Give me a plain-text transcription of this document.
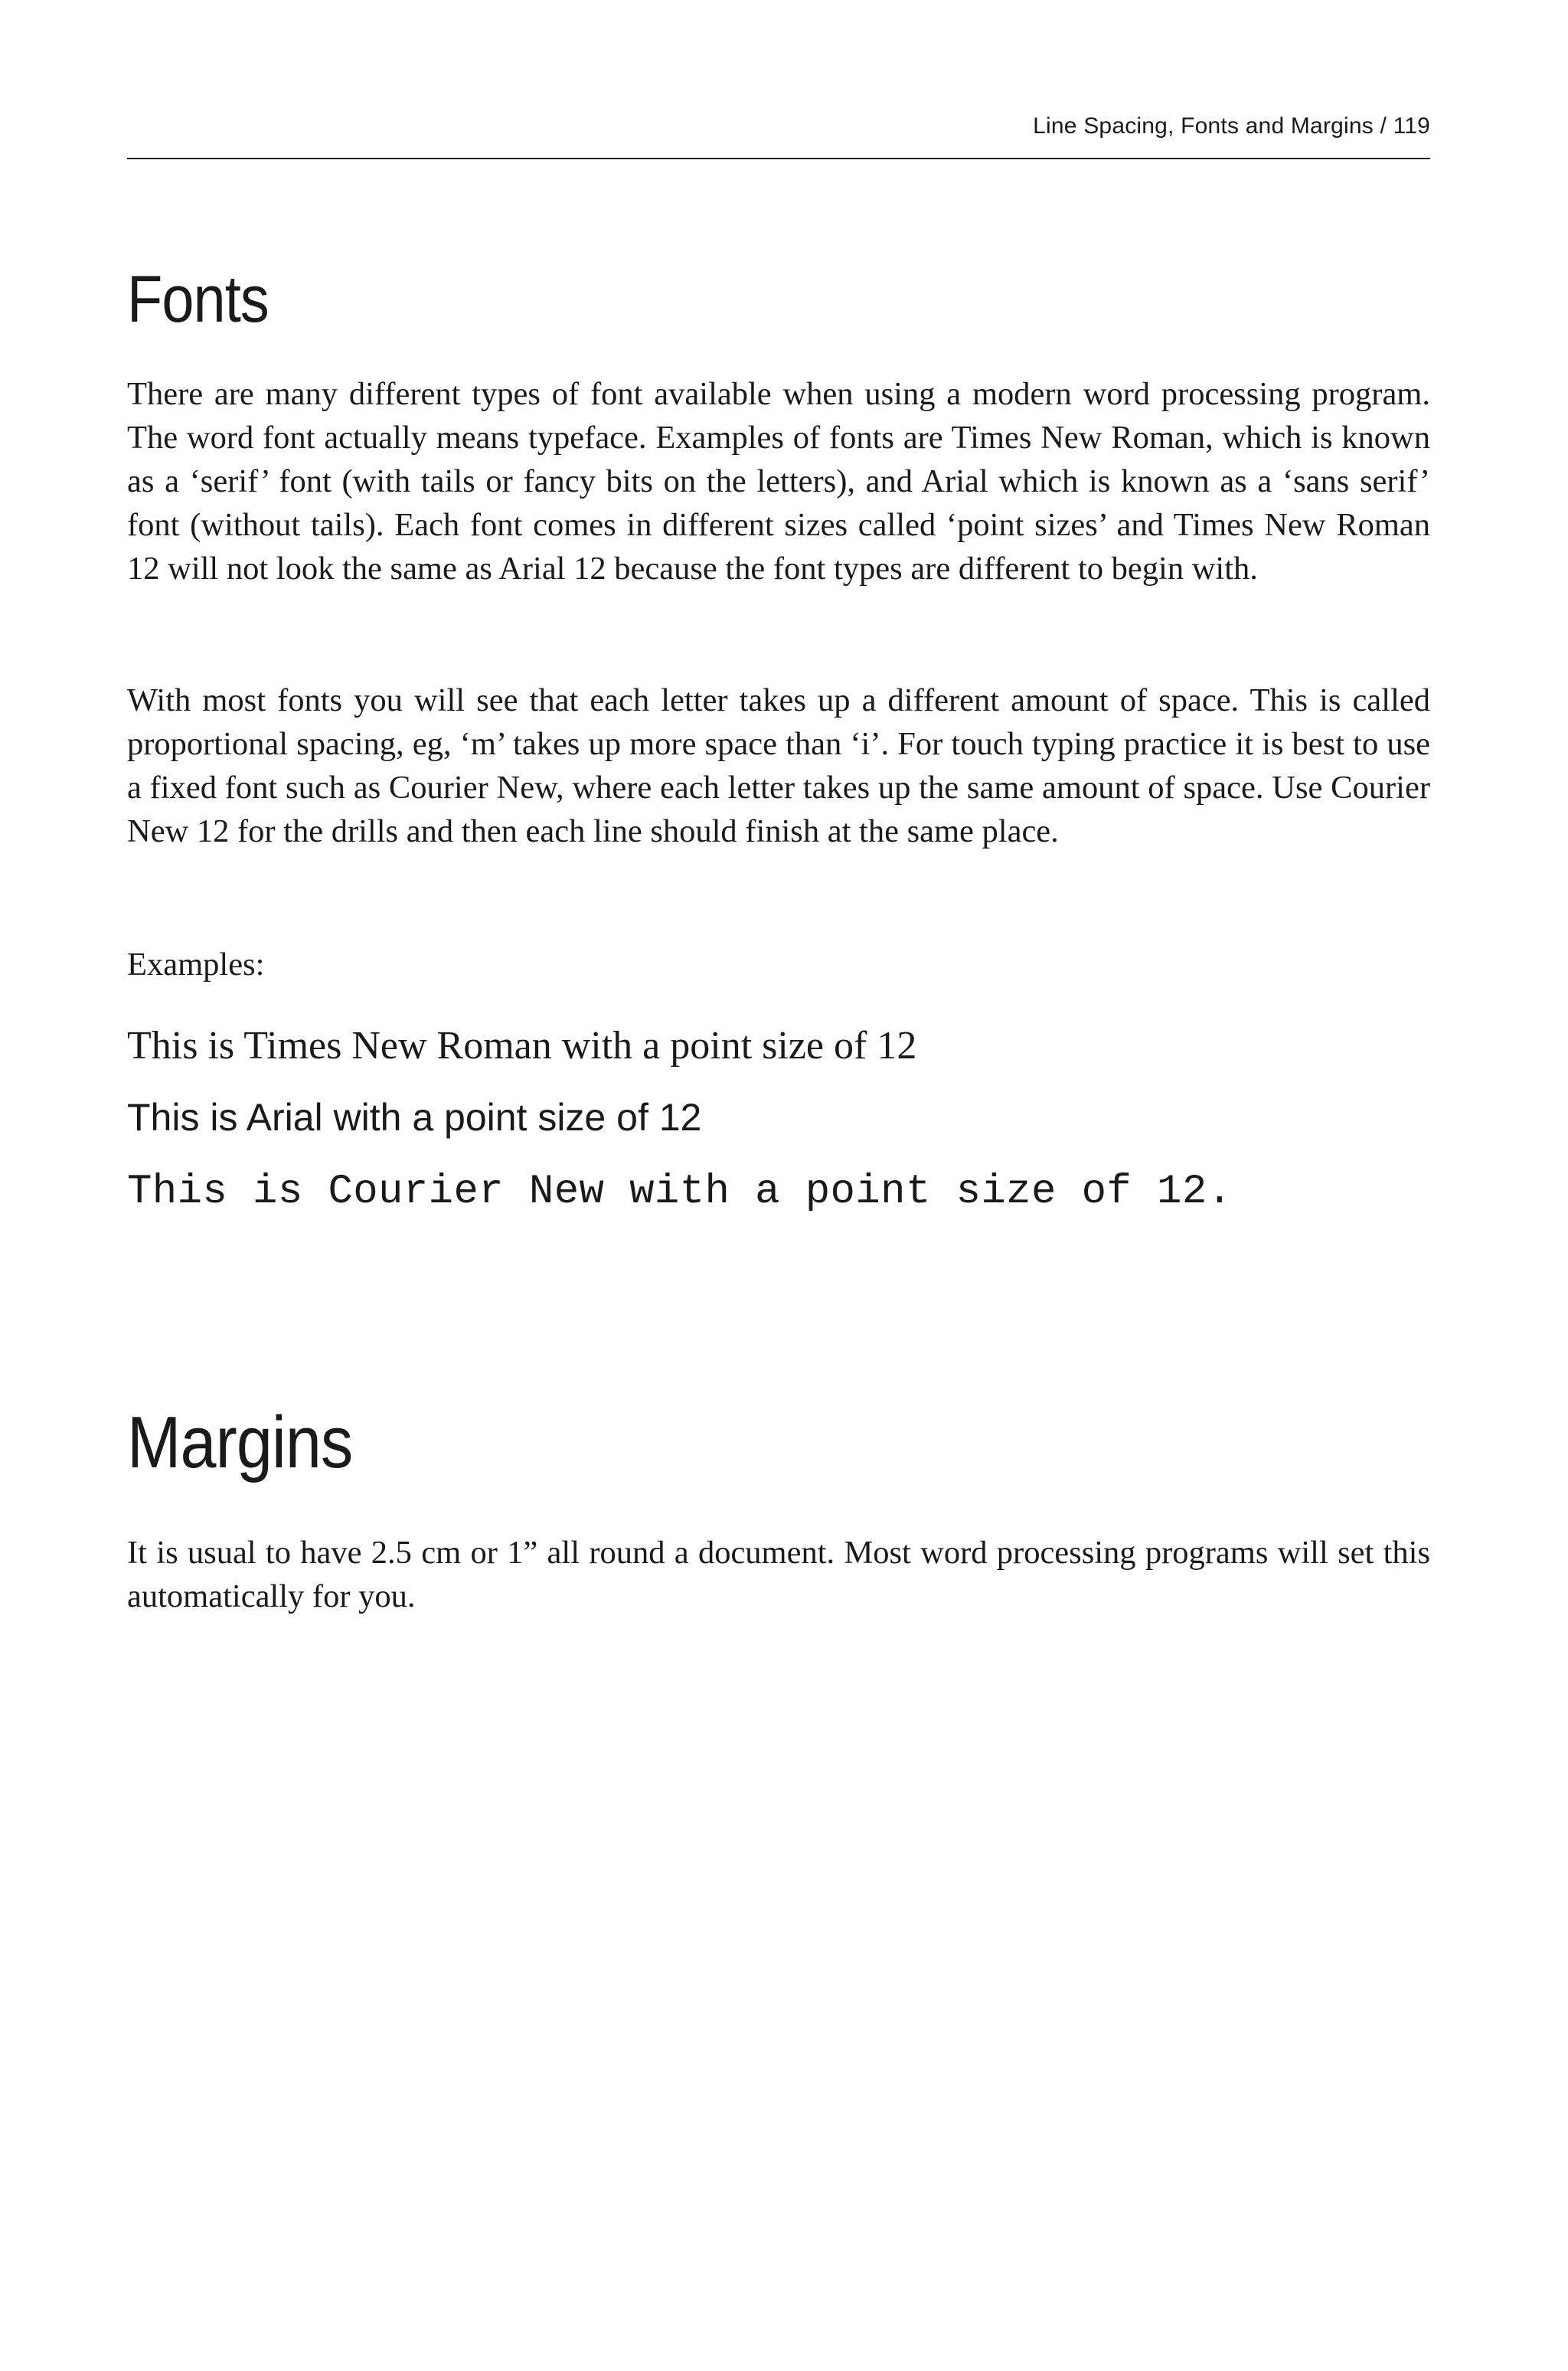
Line Spacing, Fonts and Margins / 119
Fonts

There are many different types of font available when using a modern word processing program. The word font actually means typeface. Examples of fonts are Times New Roman, which is known as a ‘serif’ font (with tails or fancy bits on the letters), and Arial which is known as a ‘sans serif’ font (without tails). Each font comes in different sizes called ‘point sizes’ and Times New Roman 12 will not look the same as Arial 12 because the font types are different to begin with.

With most fonts you will see that each letter takes up a different amount of space. This is called proportional spacing, eg, ‘m’ takes up more space than ‘i’. For touch typing practice it is best to use a fixed font such as Courier New, where each letter takes up the same amount of space. Use Courier New 12 for the drills and then each line should finish at the same place.

Examples:

This is Times New Roman with a point size of 12

This is Arial with a point size of 12

This is Courier New with a point size of 12.

Margins

It is usual to have 2.5 cm or 1” all round a document. Most word processing programs will set this automatically for you.
